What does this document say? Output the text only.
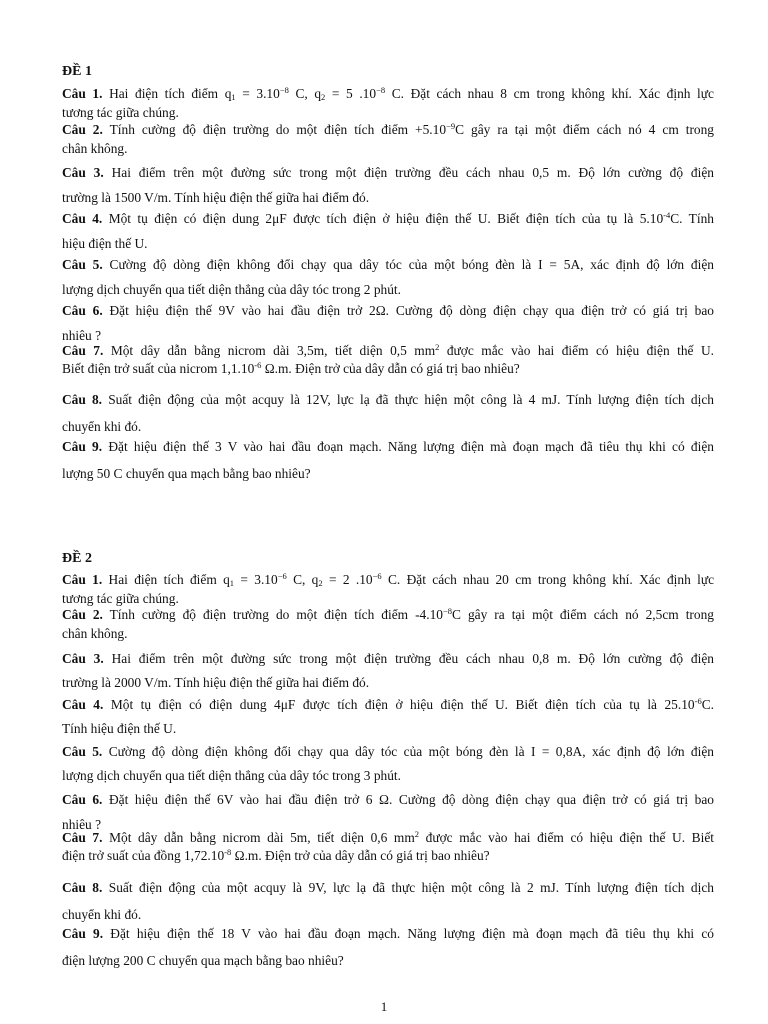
ĐỀ 1
ĐỀ 2
Câu 1. Hai điện tích điểm $q_1 = 3.10^{-8}$ C, $q_2 = 5$ $.10^{-8}$ C. Đặt cách nhau 8 cm trong không khí. Xác định lực
tương tác giữa chúng.
Câu 2. Tính cường độ điện trường do một điện tích điểm $+5.10^{-9}C$ gây ra tại một điểm cách nó 4 cm trong
chân không.
Câu 3. Hai điểm trên một đường sức trong một điện trường đều cách nhau 0,5 m. Độ lớn cường độ điện
trường là 1500 V/m. Tính hiệu điện thế giữa hai điểm đó.
Câu 4. Một tụ điện có điện dung 2μF được tích điện ở hiệu điện thế U. Biết điện tích của tụ là $5.10^{-4}C$. Tính
hiệu điện thế U.
Câu 5. Cường độ dòng điện không đổi chạy qua dây tóc của một bóng đèn là I = 5A, xác định độ lớn điện
lượng dịch chuyển qua tiết diện thẳng của dây tóc trong 2 phút.
Câu 6. Đặt hiệu điện thế 9V vào hai đầu điện trở 2Ω. Cường độ dòng điện chạy qua điện trở có giá trị bao
nhiêu ?
Câu 7. Một dây dẫn bằng nicrom dài 3,5m, tiết diện 0,5 $mm^2$ được mắc vào hai điểm có hiệu điện thế U.
Biết điện trở suất của nicrom $1,1.10^{-6}$ Ω.m. Điện trở của dây dẫn có giá trị bao nhiêu?
Câu 8. Suất điện động của một acquy là 12V, lực lạ đã thực hiện một công là 4 mJ. Tính lượng điện tích dịch
chuyển khi đó.
Câu 9. Đặt hiệu điện thế 3 V vào hai đầu đoạn mạch. Năng lượng điện mà đoạn mạch đã tiêu thụ khi có điện
lượng 50 C chuyển qua mạch bằng bao nhiêu?
Câu 1. Hai điện tích điểm $q_1 = 3.10^{-6}$ C, $q_2 = 2$ $.10^{-6}$ C. Đặt cách nhau 20 cm trong không khí. Xác định lực
tương tác giữa chúng.
Câu 2. Tính cường độ điện trường do một điện tích điểm $-4.10^{-8}C$ gây ra tại một điểm cách nó 2,5cm trong
chân không.
Câu 3. Hai điểm trên một đường sức trong một điện trường đều cách nhau 0,8 m. Độ lớn cường độ điện
trường là 2000 V/m. Tính hiệu điện thế giữa hai điểm đó.
Câu 4. Một tụ điện có điện dung 4μF được tích điện ở hiệu điện thế U. Biết điện tích của tụ là $25.10^{-6}C$.
Tính hiệu điện thế U.
Câu 5. Cường độ dòng điện không đổi chạy qua dây tóc của một bóng đèn là I = 0,8A, xác định độ lớn điện
lượng dịch chuyển qua tiết diện thẳng của dây tóc trong 3 phút.
Câu 6. Đặt hiệu điện thế 6V vào hai đầu điện trở 6 Ω. Cường độ dòng điện chạy qua điện trở có giá trị bao
nhiêu ?
Câu 7. Một dây dẫn bằng nicrom dài 5m, tiết diện 0,6 $mm^2$ được mắc vào hai điểm có hiệu điện thế U. Biết
điện trở suất của đồng $1,72.10^{-8}$ Ω.m. Điện trở của dây dẫn có giá trị bao nhiêu?
Câu 8. Suất điện động của một acquy là 9V, lực lạ đã thực hiện một công là 2 mJ. Tính lượng điện tích dịch
chuyển khi đó.
Câu 9. Đặt hiệu điện thế 18 V vào hai đầu đoạn mạch. Năng lượng điện mà đoạn mạch đã tiêu thụ khi có
điện lượng 200 C chuyển qua mạch bằng bao nhiêu?
1
